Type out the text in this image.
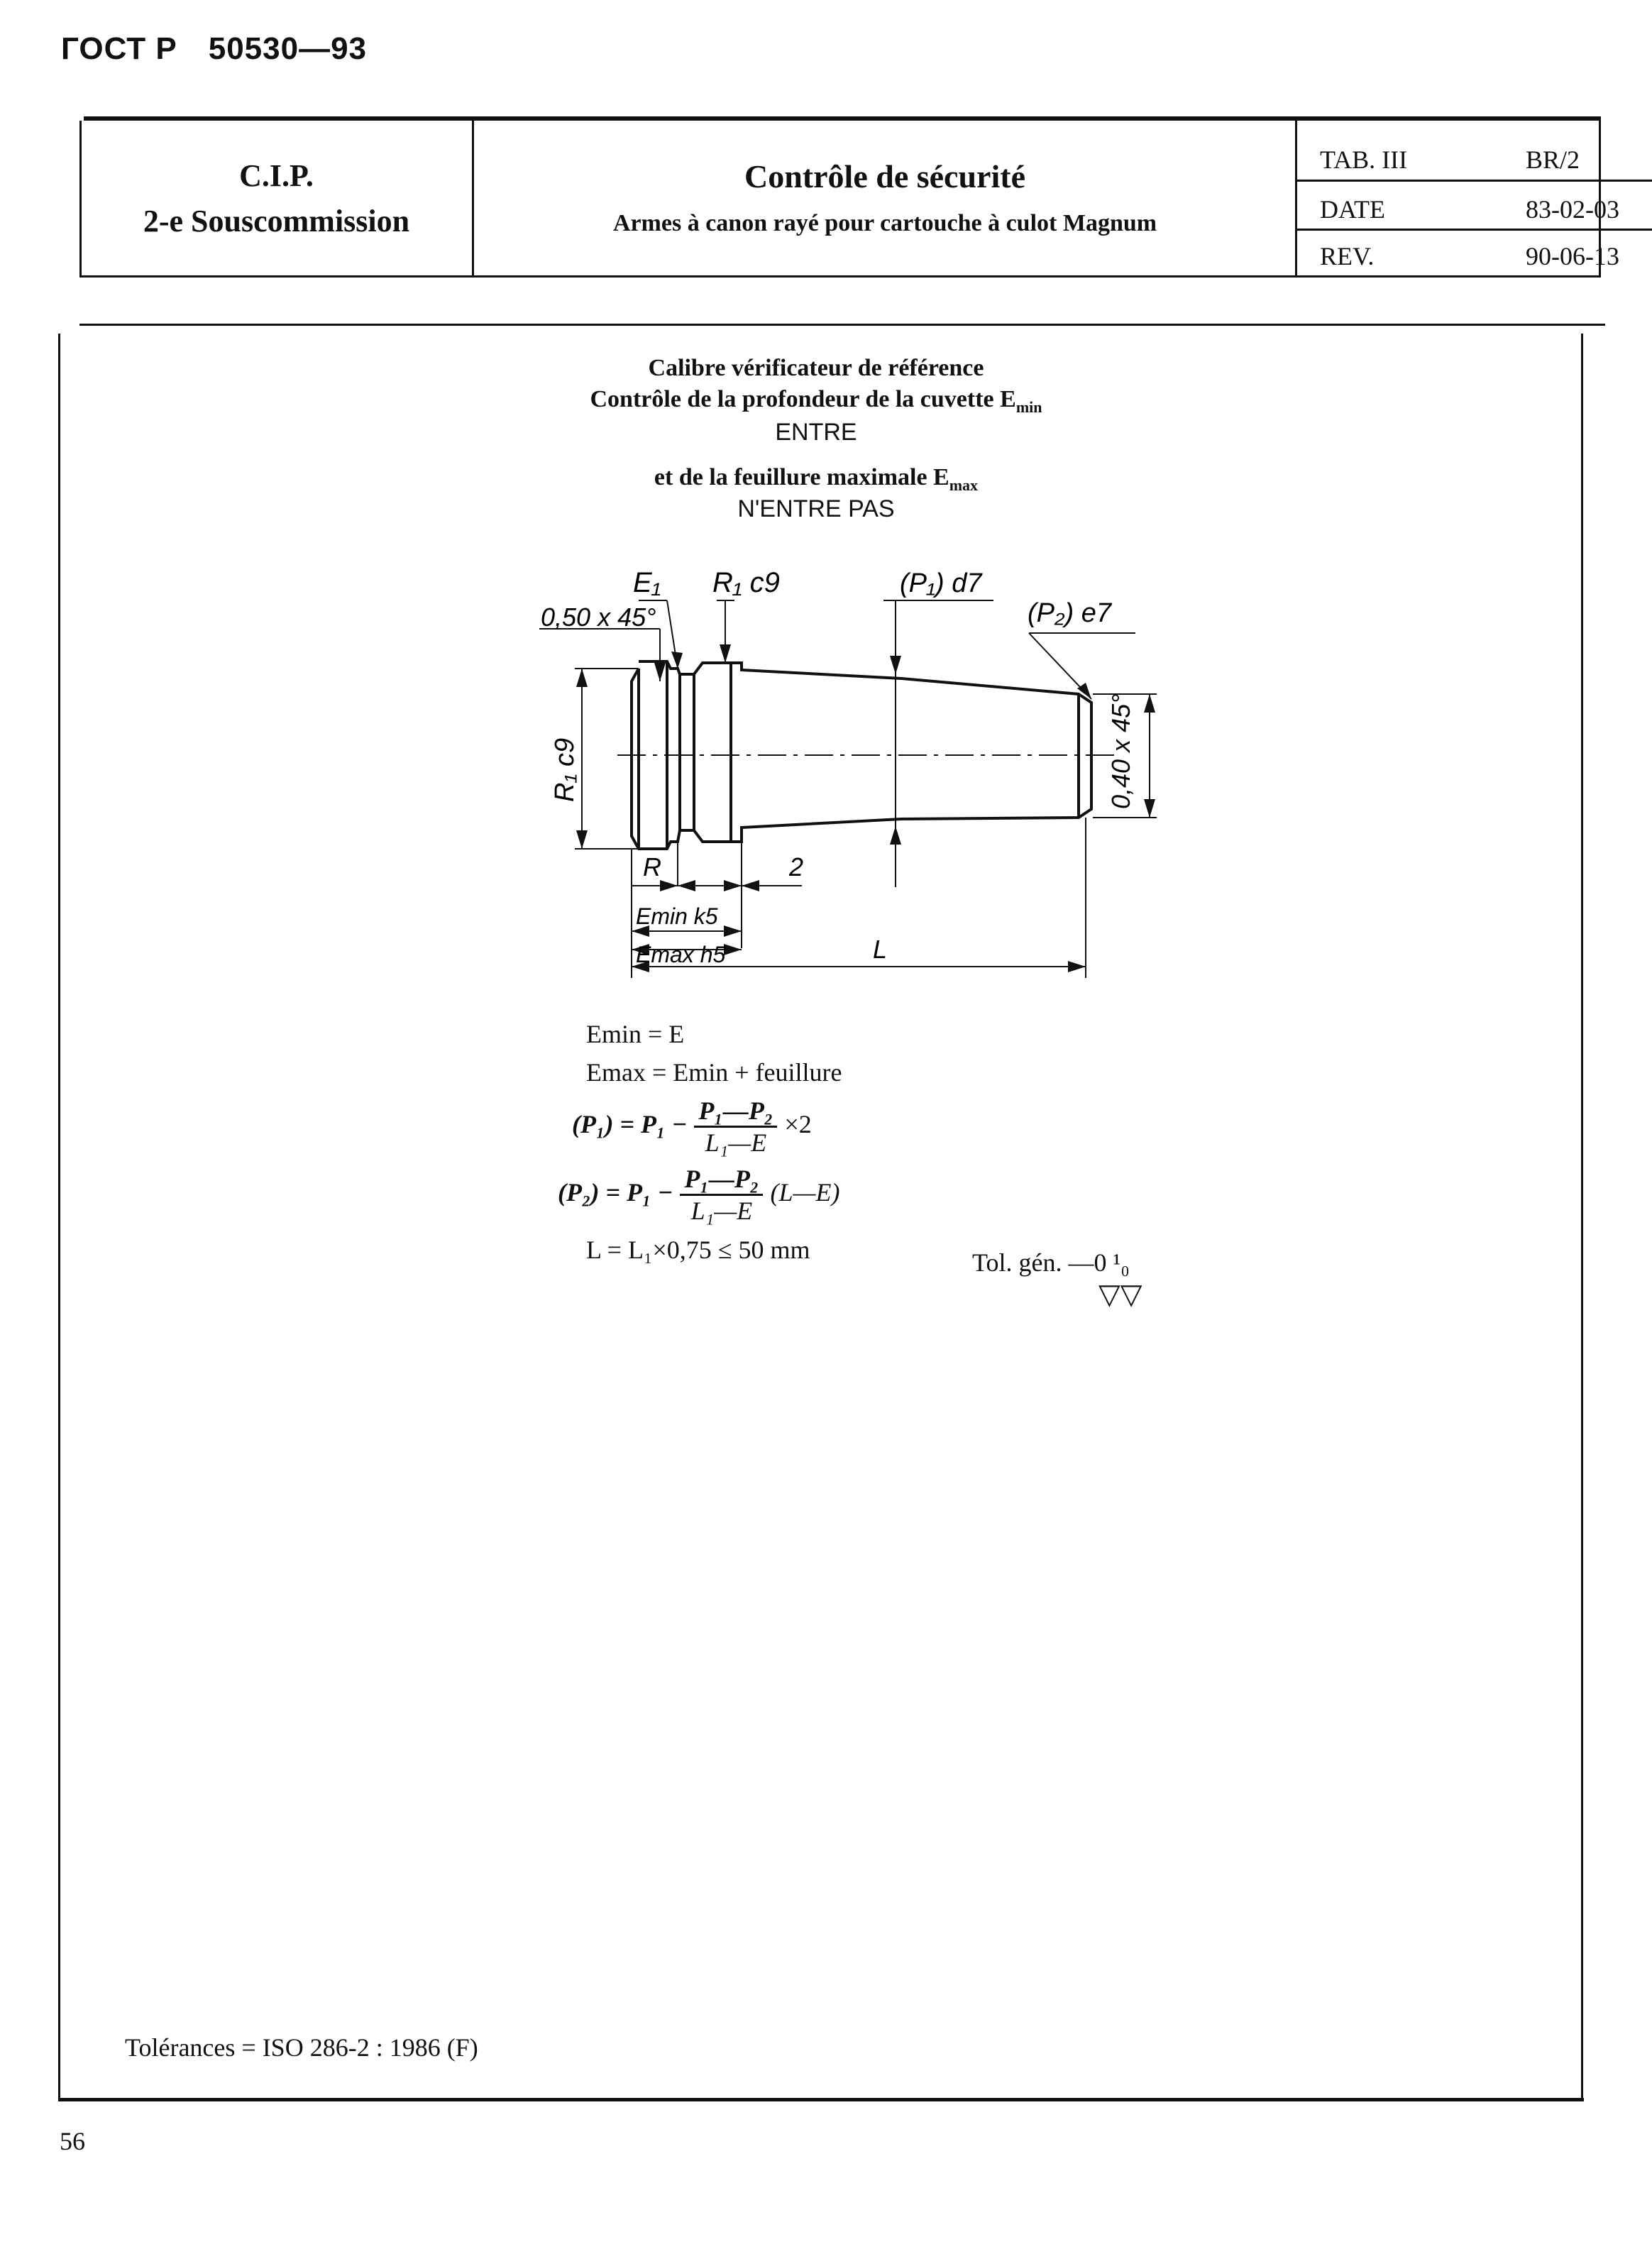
ГОСТ Р 50530—93
C.I.P.
2-e Souscommission
Contrôle de sécurité
Armes à canon rayé pour cartouche à culot Magnum
TAB. III	BR/2
DATE	83-02-03
REV.	90-06-13
Calibre vérificateur de référence
Contrôle de la profondeur de la cuvette $E_{min}$
ENTRE
et de la feuillure maximale $E_{max}$
N'ENTRE PAS
E₁ R₁ c9	(P₁) d7
(P₂) e7
0,50 x 45°
R₁ c9	0,40 x 45°
R	2
Emin k5
Emax h5	L
Emin = E
Emax = Emin + feuillure
$(P_1) = P_1 - \frac{\text{P₁—P₂}}{\text{L₁—E}} \times 2$
$(P_2) = P_1 - \frac{\text{P₁—P₂}}{\text{L₁—E}}$ (L—E)
L = L₁×0,75 ≤ 50 mm	Tol. gén. —0 ¹₀
▽▽
Tolérances = ISO 286-2 : 1986 (F)
56
